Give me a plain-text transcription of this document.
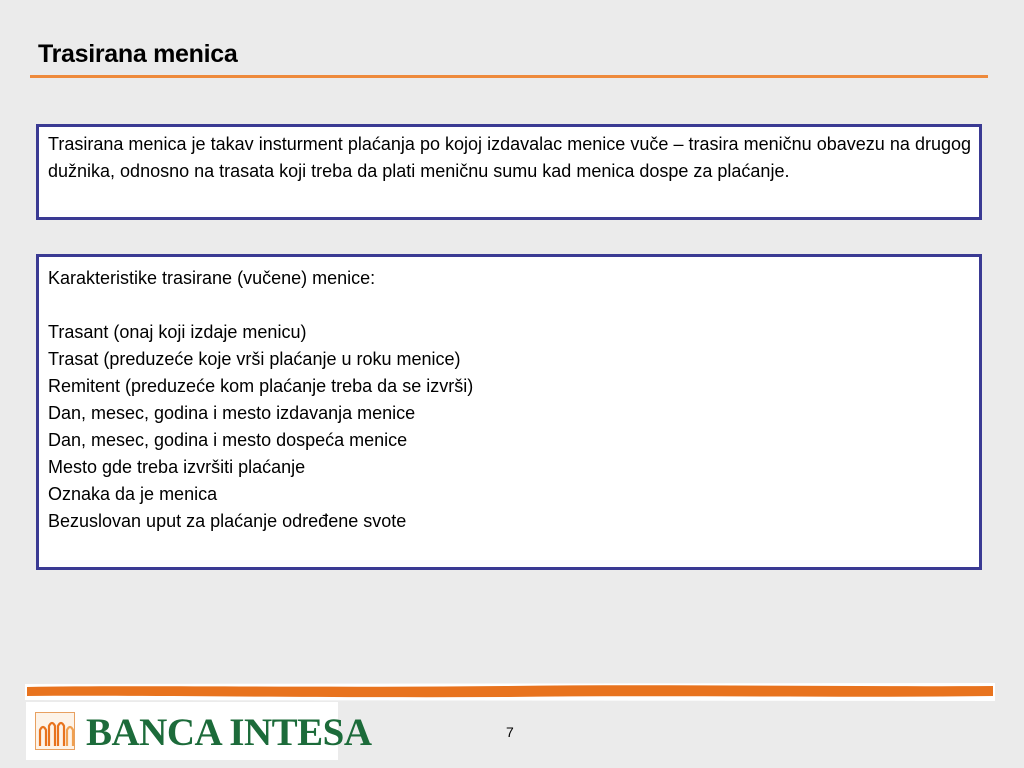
Trasirana menica
Trasirana menica je takav insturment plaćanja po kojoj izdavalac menice vuče – trasira meničnu obavezu na drugog dužnika, odnosno na trasata koji treba da plati meničnu sumu kad menica dospe za plaćanje.
Karakteristike trasirane (vučene) menice:
Trasant (onaj koji izdaje menicu)
Trasat (preduzeće koje vrši plaćanje u roku menice)
Remitent (preduzeće kom plaćanje treba da se izvrši)
Dan, mesec, godina i mesto izdavanja menice
Dan, mesec, godina i mesto dospeća menice
Mesto gde treba izvršiti plaćanje
Oznaka da je menica
Bezuslovan uput za plaćanje određene svote
BANCA INTESA	7
